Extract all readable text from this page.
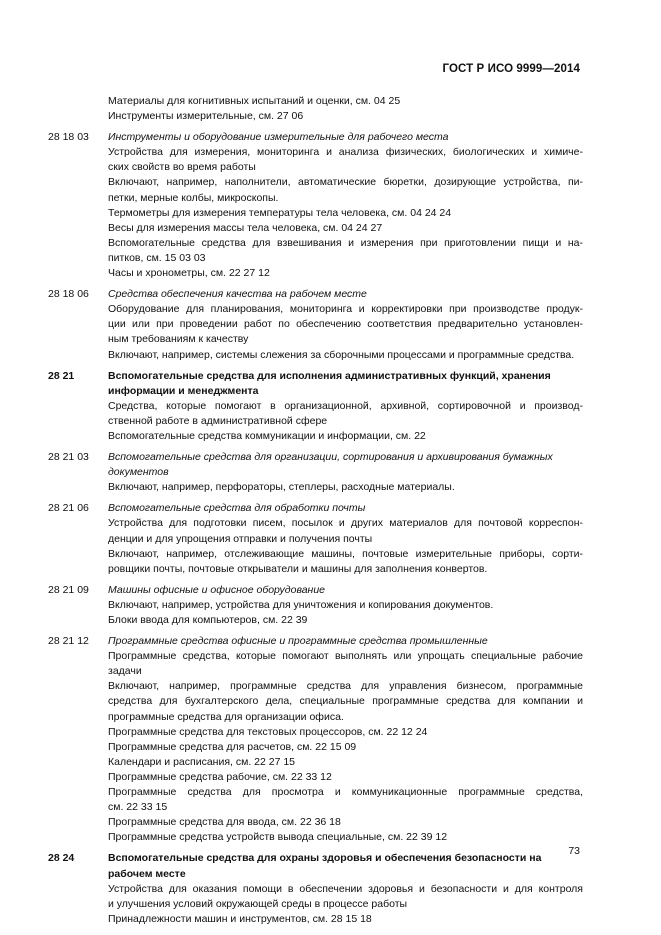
ГОСТ Р ИСО 9999—2014

Материалы для когнитивных испытаний и оценки, см. 04 25

Инструменты измерительные, см. 27 06

28 18 03	Инструменты и оборудование измерительные для рабочего места

Устройства для измерения, мониторинга и анализа физических, биологических и химиче-

ских свойств во время работы

Включают, например, наполнители, автоматические бюретки, дозирующие устройства, пи-

петки, мерные колбы, микроскопы.

Термометры для измерения температуры тела человека, см. 04 24 24

Весы для измерения массы тела человека, см. 04 24 27

Вспомогательные средства для взвешивания и измерения при приготовлении пищи и на-

питков, см. 15 03 03

Часы и хронометры, см. 22 27 12

28 18 06	Средства обеспечения качества на рабочем месте

Оборудование для планирования, мониторинга и корректировки при производстве продук-

ции или при проведении работ по обеспечению соответствия предварительно установлен-

ным требованиям к качеству

Включают, например, системы слежения за сборочными процессами и программные средства.

28 21	Вспомогательные средства для исполнения административных функций, хранения информации и менеджмента

Средства, которые помогают в организационной, архивной, сортировочной и производ-

ственной работе в административной сфере

Вспомогательные средства коммуникации и информации, см. 22

28 21 03	Вспомогательные средства для организации, сортирования и архивирования бумажных документов

Включают, например, перфораторы, степлеры, расходные материалы.

28 21 06	Вспомогательные средства для обработки почты

Устройства для подготовки писем, посылок и других материалов для почтовой корреспон-

денции и для упрощения отправки и получения почты

Включают, например, отслеживающие машины, почтовые измерительные приборы, сорти-

ровщики почты, почтовые открыватели и машины для заполнения конвертов.

28 21 09	Машины офисные и офисное оборудование

Включают, например, устройства для уничтожения и копирования документов.

Блоки ввода для компьютеров, см. 22 39

28 21 12	Программные средства офисные и программные средства промышленные

Программные средства, которые помогают выполнять или упрощать специальные рабочие

задачи

Включают, например, программные средства для управления бизнесом, программные

средства для бухгалтерского дела, специальные программные средства для компании и

программные средства для организации офиса.

Программные средства для текстовых процессоров, см. 22 12 24

Программные средства для расчетов, см. 22 15 09

Календари и расписания, см. 22 27 15

Программные средства рабочие, см. 22 33 12

Программные средства для просмотра и коммуникационные программные средства,

см. 22 33 15

Программные средства для ввода, см. 22 36 18

Программные средства устройств вывода специальные, см. 22 39 12

28 24	Вспомогательные средства для охраны здоровья и обеспечения безопасности на рабочем месте

Устройства для оказания помощи в обеспечении здоровья и безопасности и для контроля

и улучшения условий окружающей среды в процессе работы

Принадлежности машин и инструментов, см. 28 15 18

73
